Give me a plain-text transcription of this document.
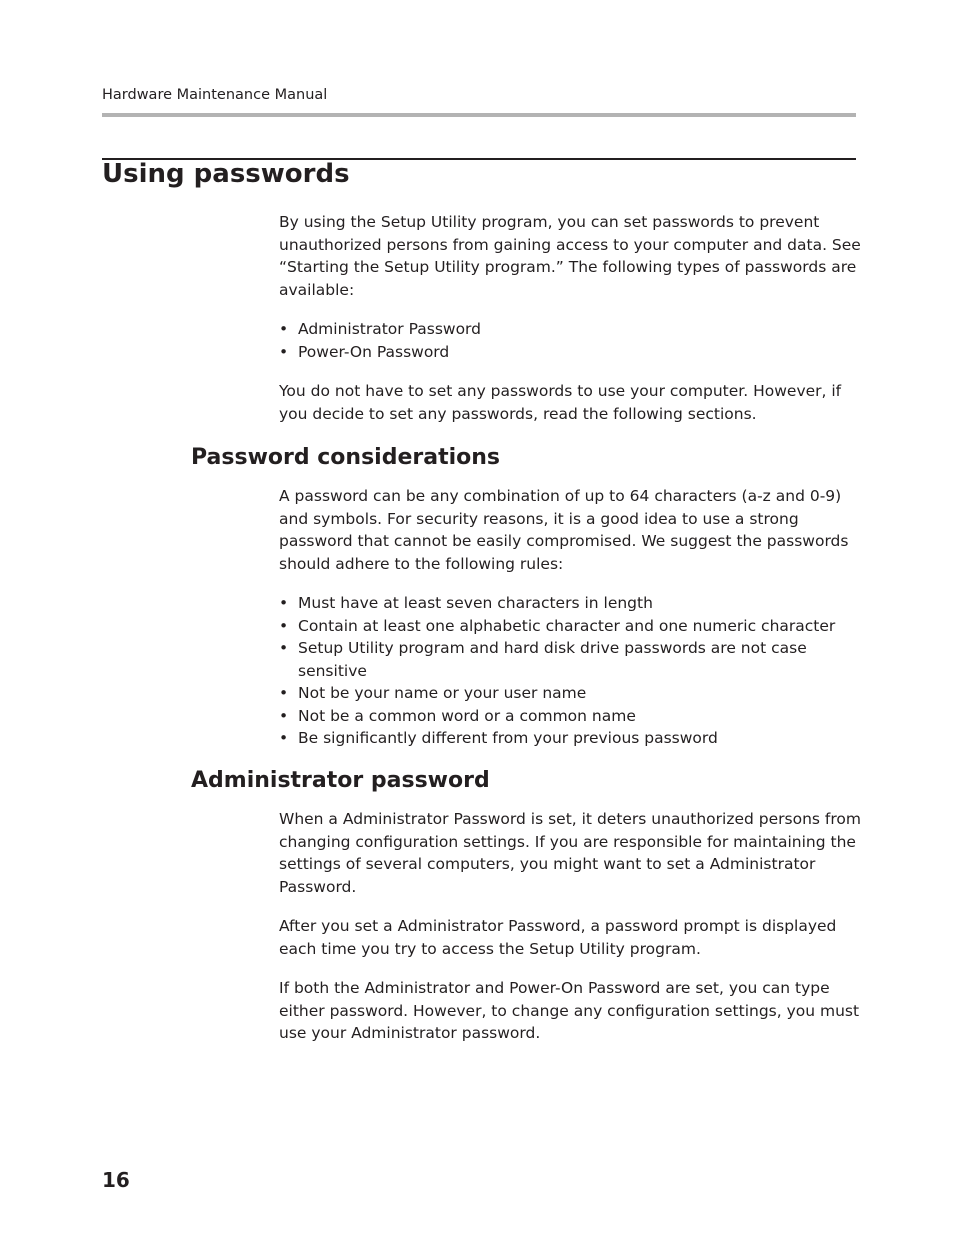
Hardware Maintenance Manual
Using passwords

By using the Setup Utility program, you can set passwords to prevent unauthorized persons from gaining access to your computer and data. See “Starting the Setup Utility program.” The following types of passwords are available:

• Administrator Password
• Power-On Password

You do not have to set any passwords to use your computer. However, if you decide to set any passwords, read the following sections.

Password considerations

A password can be any combination of up to 64 characters (a-z and 0-9) and symbols. For security reasons, it is a good idea to use a strong password that cannot be easily compromised. We suggest the passwords should adhere to the following rules:

• Must have at least seven characters in length
• Contain at least one alphabetic character and one numeric character
• Setup Utility program and hard disk drive passwords are not case sensitive
• Not be your name or your user name
• Not be a common word or a common name
• Be significantly different from your previous password
Administrator password

When a Administrator Password is set, it deters unauthorized persons from changing configuration settings. If you are responsible for maintaining the settings of several computers, you might want to set a Administrator Password.

After you set a Administrator Password, a password prompt is displayed each time you try to access the Setup Utility program.

If both the Administrator and Power-On Password are set, you can type either password. However, to change any configuration settings, you must use your Administrator password.

16
